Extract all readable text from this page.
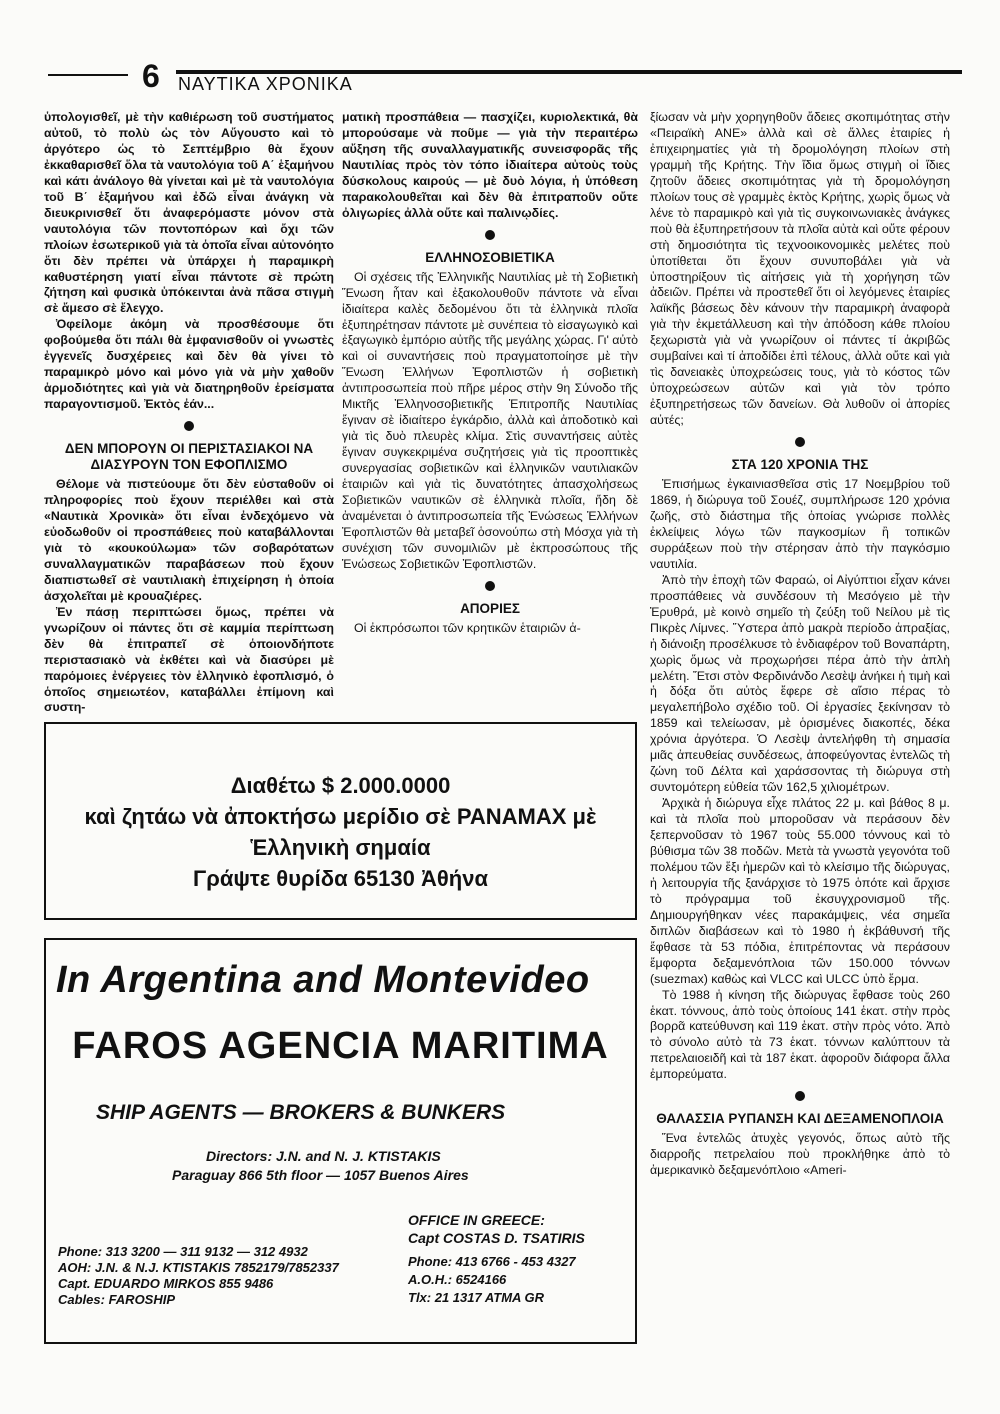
6 ΝΑΥΤΙΚΑ ΧΡΟΝΙΚΑ

ὑπολογισθεῖ, μὲ τὴν καθιέρωση τοῦ συστήματος αὐτοῦ, τὸ πολὺ ὡς τὸν Αὔγουστο καὶ τὸ ἀργότερο ὡς τὸ Σεπτέμβριο θὰ ἔχουν ἐκκαθαρισθεῖ ὅλα τὰ ναυτολόγια τοῦ Α΄ ἑξαμήνου καὶ κάτι ἀνάλογο θὰ γίνεται καὶ μὲ τὰ ναυτολόγια τοῦ Β΄ ἑξαμήνου καὶ ἐδῶ εἶναι ἀνάγκη νὰ διευκρινισθεῖ ὅτι ἀναφερόμαστε μόνον στὰ ναυτολόγια τῶν ποντοπόρων καὶ ὄχι τῶν πλοίων ἐσωτερικοῦ γιὰ τὰ ὁποῖα εἶναι αὐτονόητο ὅτι δὲν πρέπει νὰ ὑπάρχει ἡ παραμικρὴ καθυστέρηση γιατί εἶναι πάντοτε σὲ πρώτη ζήτηση καὶ φυσικὰ ὑπόκεινται ἀνὰ πᾶσα στιγμὴ σὲ ἄμεσο σὲ ἔλεγχο.

Ὀφείλομε ἀκόμη νὰ προσθέσουμε ὅτι φοβούμεθα ὅτι πάλι θὰ ἐμφανισθοῦν οἱ γνωστὲς ἐγγενεῖς δυσχέρειες καὶ δὲν θὰ γίνει τὸ παραμικρὸ μόνο καὶ μόνο γιὰ νὰ μὴν χαθοῦν ἁρμοδιότητες καὶ γιὰ νὰ διατηρηθοῦν ἐρείσματα παραγοντισμοῦ. Ἐκτὸς ἐάν...

ΔΕΝ ΜΠΟΡΟΥΝ ΟΙ ΠΕΡΙΣΤΑΣΙΑΚΟΙ ΝΑ ΔΙΑΣΥΡΟΥΝ ΤΟΝ ΕΦΟΠΛΙΣΜΟ

Θέλομε νὰ πιστεύουμε ὅτι δὲν εὐσταθοῦν οἱ πληροφορίες ποὺ ἔχουν περιέλθει καὶ στὰ «Ναυτικὰ Χρονικὰ» ὅτι εἶναι ἐνδεχόμενο νὰ εὐοδωθοῦν οἱ προσπάθειες ποὺ καταβάλλονται γιὰ τὸ «κουκούλωμα» τῶν σοβαρότατων συναλλαγματικῶν παραβάσεων ποὺ ἔχουν διαπιστωθεῖ σὲ ναυτιλιακὴ ἐπιχείρηση ἡ ὁποία ἀσχολεῖται μὲ κρουαζιέρες.

Ἐν πάσῃ περιπτώσει ὅμως, πρέπει νὰ γνωρίζουν οἱ πάντες ὅτι σὲ καμμία περίπτωση δὲν θὰ ἐπιτραπεῖ σὲ ὁποιονδήποτε περιστασιακὸ νὰ ἐκθέτει καὶ νὰ διασύρει μὲ παρόμοιες ἐνέργειες τὸν ἑλληνικὸ ἐφοπλισμό, ὁ ὁποῖος σημειωτέον, καταβάλλει ἐπίμονη καὶ συστη-

ματικὴ προσπάθεια — πασχίζει, κυριολεκτικά, θὰ μπορούσαμε νὰ ποῦμε — γιὰ τὴν περαιτέρω αὔξηση τῆς συναλλαγματικῆς συνεισφορᾶς τῆς Ναυτιλίας πρὸς τὸν τόπο ἰδιαίτερα αὐτοὺς τοὺς δύσκολους καιρούς — μὲ δυὸ λόγια, ἡ ὑπόθεση παρακολουθεῖται καὶ δὲν θὰ ἐπιτραποῦν οὔτε ὀλιγωρίες ἀλλὰ οὔτε καὶ παλινῳδίες.

ΕΛΛΗΝΟΣΟΒΙΕΤΙΚΑ

Οἱ σχέσεις τῆς Ἑλληνικῆς Ναυτιλίας μὲ τὴ Σοβιετικὴ Ἕνωση ἦταν καὶ ἐξακολουθοῦν πάντοτε νὰ εἶναι ἰδιαίτερα καλὲς δεδομένου ὅτι τὰ ἑλληνικὰ πλοῖα ἐξυπηρέτησαν πάντοτε μὲ συνέπεια τὸ εἰσαγωγικὸ καὶ ἐξαγωγικὸ ἐμπόριο αὐτῆς τῆς μεγάλης χώρας. Γι' αὐτὸ καὶ οἱ συναντήσεις ποὺ πραγματοποίησε μὲ τὴν Ἕνωση Ἑλλήνων Ἐφοπλιστῶν ἡ σοβιετικὴ ἀντιπροσωπεία ποὺ πῆρε μέρος στὴν 9η Σύνοδο τῆς Μικτῆς Ἑλληνοσοβιετικῆς Ἐπιτροπῆς Ναυτιλίας ἔγιναν σὲ ἰδιαίτερο ἐγκάρδιο, ἀλλὰ καὶ ἀποδοτικὸ καὶ γιὰ τὶς δυὸ πλευρὲς κλίμα. Στὶς συναντήσεις αὐτὲς ἔγιναν συγκεκριμένα συζητήσεις γιὰ τὶς προοπτικὲς συνεργασίας σοβιετικῶν καὶ ἑλληνικῶν ναυτιλιακῶν ἑταιριῶν καὶ γιὰ τὶς δυνατότητες ἀπασχολήσεως Σοβιετικῶν ναυτικῶν σὲ ἑλληνικὰ πλοῖα, ἤδη δὲ ἀναμένεται ὁ ἀντιπροσωπεία τῆς Ἑνώσεως Ἑλλήνων Ἐφοπλιστῶν θὰ μεταβεῖ ὁσονούπω στὴ Μόσχα γιὰ τὴ συνέχιση τῶν συνομιλιῶν μὲ ἐκπροσώπους τῆς Ἑνώσεως Σοβιετικῶν Ἐφοπλιστῶν.

ΑΠΟΡΙΕΣ

Οἱ ἐκπρόσωποι τῶν κρητικῶν ἑταιριῶν ἀ-

ξίωσαν νὰ μὴν χορηγηθοῦν ἄδειες σκοπιμότητας στὴν «Πειραϊκὴ ΑΝΕ» ἀλλὰ καὶ σὲ ἄλλες ἑταιρίες ἡ ἐπιχειρηματίες γιὰ τὴ δρομολόγηση πλοίων στὴ γραμμὴ τῆς Κρήτης. Τὴν ἴδια ὅμως στιγμὴ οἱ ἴδιες ζητοῦν ἄδειες σκοπιμότητας γιὰ τὴ δρομολόγηση πλοίων τους σὲ γραμμὲς ἐκτὸς Κρήτης, χωρὶς ὅμως νὰ λένε τὸ παραμικρὸ καὶ γιὰ τὶς συγκοινωνιακὲς ἀνάγκες ποὺ θὰ ἐξυπηρετήσουν τὰ πλοῖα αὐτὰ καὶ οὔτε φέρουν στὴ δημοσιότητα τὶς τεχνοοικονομικὲς μελέτες ποὺ ὑποτίθεται ὅτι ἔχουν συνυποβάλει γιὰ νὰ ὑποστηρίξουν τὶς αἰτήσεις γιὰ τὴ χορήγηση τῶν ἀδειῶν. Πρέπει νὰ προστεθεῖ ὅτι οἱ λεγόμενες ἑταιρίες λαϊκῆς βάσεως δὲν κάνουν τὴν παραμικρὴ ἀναφορὰ γιὰ τὴν ἐκμετάλλευση καὶ τὴν ἀπόδοση κάθε πλοίου ξεχωριστὰ γιὰ νὰ γνωρίζουν οἱ πάντες τί ἀκριβῶς συμβαίνει καὶ τί ἀποδίδει ἐπὶ τέλους, ἀλλὰ οὔτε καὶ γιὰ τὶς δανειακὲς ὑποχρεώσεις τους, γιὰ τὸ κόστος τῶν ὑποχρεώσεων αὐτῶν καὶ γιὰ τὸν τρόπο ἐξυπηρετήσεως τῶν δανείων. Θὰ λυθοῦν οἱ ἀπορίες αὐτές;

ΣΤΑ 120 ΧΡΟΝΙΑ ΤΗΣ

Ἐπισήμως ἐγκαινιασθεῖσα στὶς 17 Νοεμβρίου τοῦ 1869, ἡ διώρυγα τοῦ Σουέζ, συμπλήρωσε 120 χρόνια ζωῆς, στὸ διάστημα τῆς ὁποίας γνώρισε πολλὲς ἐκλείψεις λόγω τῶν παγκοσμίων ἢ τοπικῶν συρράξεων ποὺ τὴν στέρησαν ἀπὸ τὴν παγκόσμιο ναυτιλία.

Ἀπὸ τὴν ἐποχὴ τῶν Φαραώ, οἱ Αἰγύπτιοι εἶχαν κάνει προσπάθειες νὰ συνδέσουν τὴ Μεσόγειο μὲ τὴν Ἐρυθρά, μὲ κοινὸ σημεῖο τὴ ζεύξη τοῦ Νείλου μὲ τὶς Πικρὲς Λίμνες. Ὕστερα ἀπὸ μακρὰ περίοδο ἀπραξίας, ἡ διάνοιξη προσέλκυσε τὸ ἐνδιαφέρον τοῦ Βοναπάρτη, χωρὶς ὅμως νὰ προχωρήσει πέρα ἀπὸ τὴν ἁπλὴ μελέτη. Ἔτσι στὸν Φερδινάνδο Λεσὲψ ἀνήκει ἡ τιμὴ καὶ ἡ δόξα ὅτι αὐτὸς ἔφερε σὲ αἴσιο πέρας τὸ μεγαλεπήβολο σχέδιο τοῦ. Οἱ ἐργασίες ξεκίνησαν τὸ 1859 καὶ τελείωσαν, μὲ ὁρισμένες διακοπές, δέκα χρόνια ἀργότερα. Ὁ Λεσὲψ ἀντελήφθη τὴ σημασία μιᾶς ἀπευθείας συνδέσεως, ἀποφεύγοντας ἐντελῶς τὴ ζώνη τοῦ Δέλτα καὶ χαράσσοντας τὴ διώρυγα στὴ συντομότερη εὐθεία τῶν 162,5 χιλιομέτρων.

Ἀρχικὰ ἡ διώρυγα εἶχε πλάτος 22 μ. καὶ βάθος 8 μ. καὶ τὰ πλοῖα ποὺ μποροῦσαν νὰ περάσουν δὲν ξεπερνοῦσαν τὸ 1967 τοὺς 55.000 τόννους καὶ τὸ βύθισμα τῶν 38 ποδῶν. Μετὰ τὰ γνωστὰ γεγονότα τοῦ πολέμου τῶν ἕξι ἡμερῶν καὶ τὸ κλείσιμο τῆς διώρυγας, ἡ λειτουργία τῆς ξανάρχισε τὸ 1975 ὁπότε καὶ ἄρχισε τὸ πρόγραμμα τοῦ ἐκσυγχρονισμοῦ τῆς. Δημιουργήθηκαν νέες παρακάμψεις, νέα σημεῖα διπλῶν διαβάσεων καὶ τὸ 1980 ἡ ἐκβάθυνσή τῆς ἔφθασε τὰ 53 πόδια, ἐπιτρέποντας νὰ περάσουν ἔμφορτα δεξαμενόπλοια τῶν 150.000 τόννων (suezmax) καθὼς καὶ VLCC καὶ ULCC ὑπὸ ἕρμα.

Τὸ 1988 ἡ κίνηση τῆς διώρυγας ἔφθασε τοὺς 260 ἑκατ. τόννους, ἀπὸ τοὺς ὁποίους 141 ἑκατ. στὴν πρὸς βορρᾶ κατεύθυνση καὶ 119 ἑκατ. στὴν πρὸς νότο. Ἀπὸ τὸ σύνολο αὐτὸ τὰ 73 ἑκατ. τόννων καλύπτουν τὰ πετρελαιοειδῆ καὶ τὰ 187 ἑκατ. ἀφοροῦν διάφορα ἄλλα ἐμπορεύματα.

ΘΑΛΑΣΣΙΑ ΡΥΠΑΝΣΗ ΚΑΙ ΔΕΞΑΜΕΝΟΠΛΟΙΑ

Ἕνα ἐντελῶς ἀτυχὲς γεγονός, ὅπως αὐτὸ τῆς διαρροῆς πετρελαίου ποὺ προκλήθηκε ἀπὸ τὸ ἀμερικανικὸ δεξαμενόπλοιο «Ameri-

Διαθέτω $ 2.000.0000
καὶ ζητάω νὰ ἀποκτήσω μερίδιο σὲ PANAMAX μὲ
Ἑλληνικὴ σημαία
Γράψτε θυρίδα 65130 Ἀθήνα
In Argentina and Montevideo
FAROS AGENCIA MARITIMA
SHIP AGENTS — BROKERS & BUNKERS
Directors: J.N. and N. J. KTISTAKIS
Paraguay 866 5th floor — 1057 Buenos Aires
OFFICE IN GREECE:
Capt COSTAS D. TSATIRIS
Phone: 313 3200 — 311 9132 — 312 4932
AOH: J.N. & N.J. KTISTAKIS 7852179/7852337
Capt. EDUARDO MIRKOS 855 9486
Cables: FAROSHIP
Phone: 413 6766 - 453 4327
A.O.H.: 6524166
Tlx: 21 1317 ATMA GR
